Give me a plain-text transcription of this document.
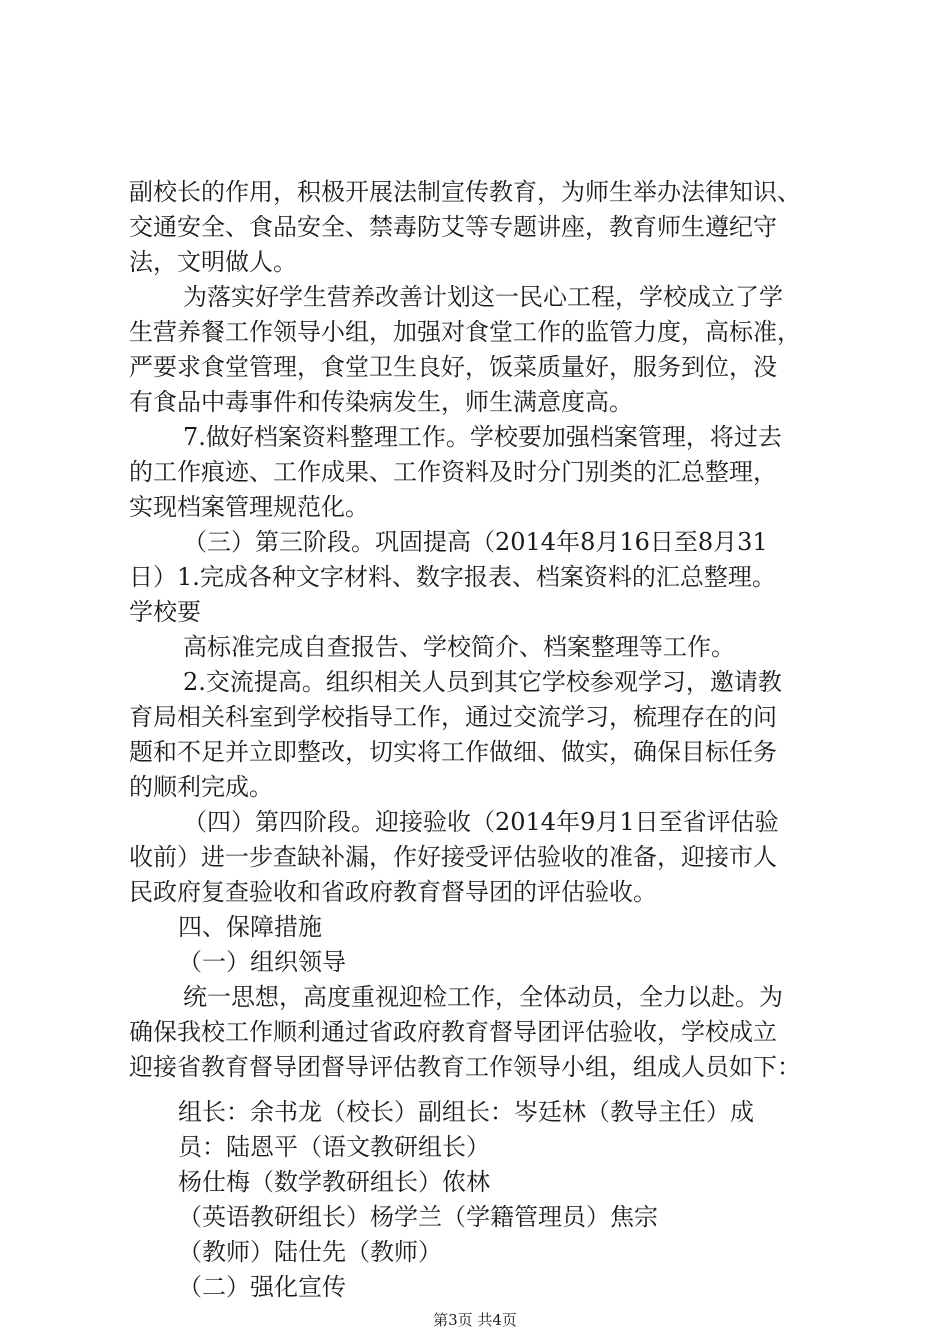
副校长的作用，积极开展法制宣传教育，为师生举办法律知识、
交通安全、食品安全、禁毒防艾等专题讲座，教育师生遵纪守
法，文明做人。
为落实好学生营养改善计划这一民心工程，学校成立了学
生营养餐工作领导小组，加强对食堂工作的监管力度，高标准，
严要求食堂管理，食堂卫生良好，饭菜质量好，服务到位，没
有食品中毒事件和传染病发生，师生满意度高。
7.做好档案资料整理工作。学校要加强档案管理，将过去
的工作痕迹、工作成果、工作资料及时分门别类的汇总整理，
实现档案管理规范化。
（三）第三阶段。巩固提高（2014年8月16日至8月31
日）1.完成各种文字材料、数字报表、档案资料的汇总整理。
学校要
高标准完成自查报告、学校简介、档案整理等工作。
2.交流提高。组织相关人员到其它学校参观学习，邀请教
育局相关科室到学校指导工作，通过交流学习，梳理存在的问
题和不足并立即整改，切实将工作做细、做实，确保目标任务
的顺利完成。
（四）第四阶段。迎接验收（2014年9月1日至省评估验
收前）进一步查缺补漏，作好接受评估验收的准备，迎接市人
民政府复查验收和省政府教育督导团的评估验收。
四、保障措施
（一）组织领导
统一思想，高度重视迎检工作，全体动员，全力以赴。为
确保我校工作顺利通过省政府教育督导团评估验收，学校成立
迎接省教育督导团督导评估教育工作领导小组，组成人员如下：
组长：余书龙（校长）副组长：岑廷林（教导主任）成
员：陆恩平（语文教研组长）
杨仕梅（数学教研组长）侬林
（英语教研组长）杨学兰（学籍管理员）焦宗
（教师）陆仕先（教师）
（二）强化宣传
第3页 共4页
